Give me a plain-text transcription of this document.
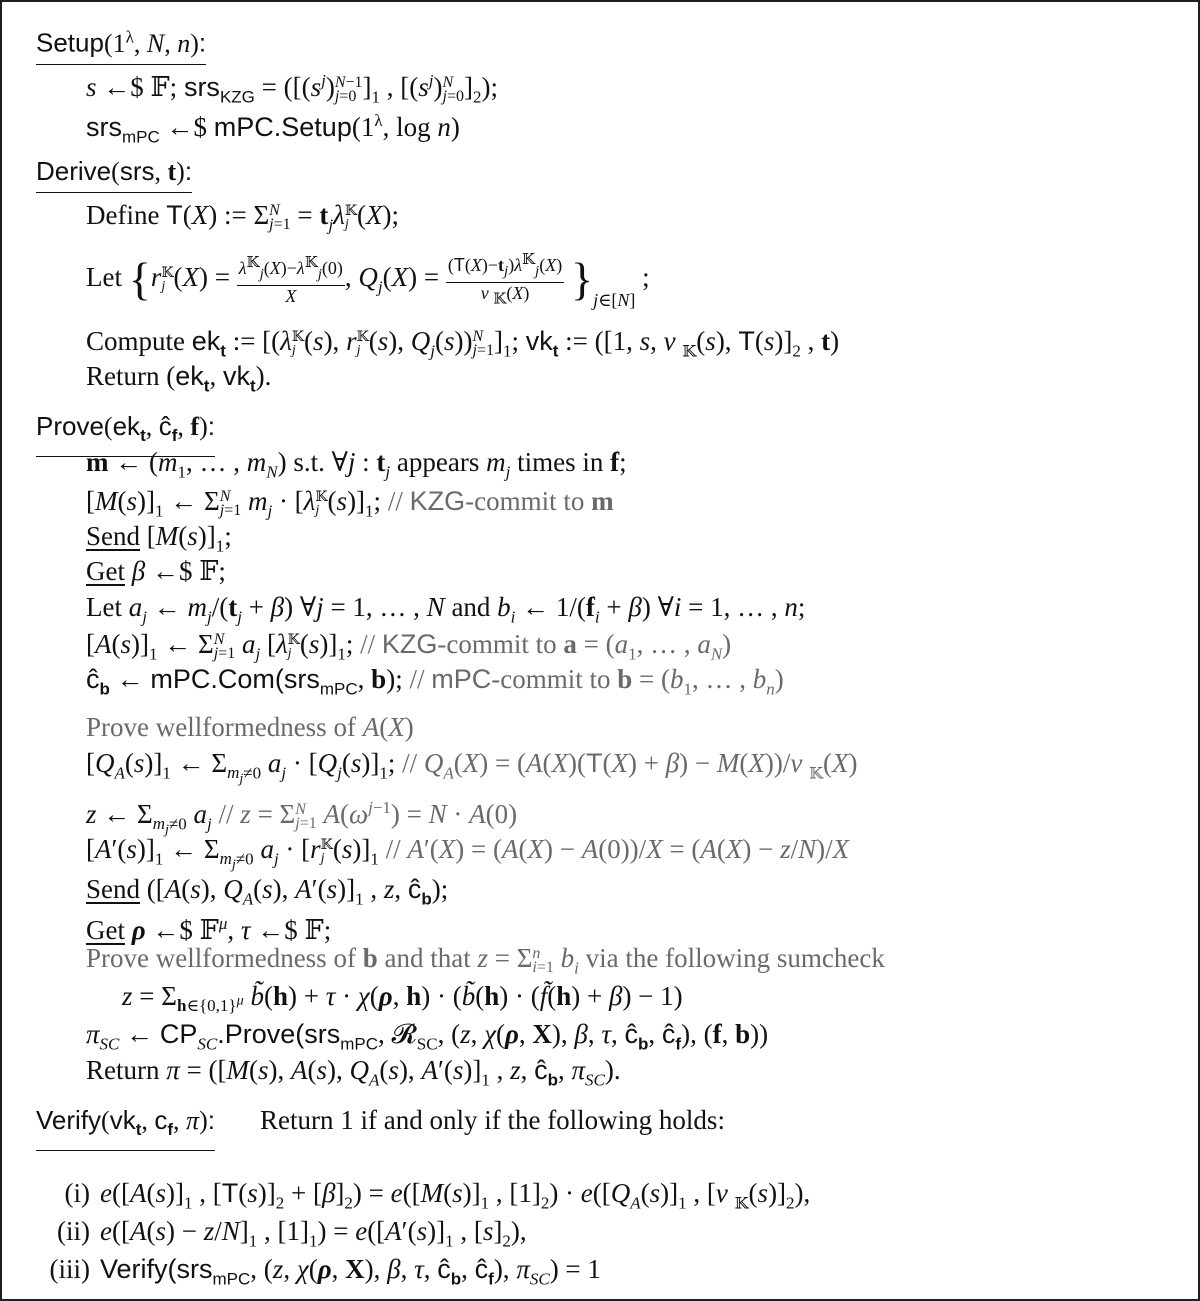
$Setup(1^\lambda$, N, n):
s ←$ 𝔽; $srs_{KZG} = ([(s^j)N-1$
j=0 ]$_1$ , [$(s^j)N$
$j=0]_2$);
srs$_{mPC}$ ←$ $mPC.Setup(1^\lambda$, log n)
Derive(srs, t):
Define T(X) := ΣN
$j=1 = t_j\lambda 𝕂$
j (X);
Let {r𝕂
j $(X) = \lambda^𝕂_j(X)-\lambda^𝕂_j(0)$
X
, $Q_j(X) = (T(X)-t_j)\lambda^𝕂_j(X)$
ν $_𝕂$(X) }$_{j\in[N]}$ ;
Compute $ek_t$ := [(λ𝕂
j (s), r𝕂
j (s), $Q_j(s))N$
$j=1]_1$; $vk_t$ := ([1, s, ν $_𝕂$(s), $T(s)]_2$ , t)
Return ($ek_t$, $vk_t$).
$Prove(ek_t$, $ĉ_f$, f):
m ← ($m_1$, … , $m_N$) s.t. ∀j : $t_j$ appears $m_j$ times in f;
$[M(s)]_1$ ← ΣN
j=1 $m_j$ · [λ𝕂
j $(s)]_1$; // KZG-commit to m
Send $[M(s)]_1$;
Get β ←$ 𝔽;
Let $a_j$ ← $m_j/(t_j + \beta)$ ∀j = 1, … , N and $b_i$ ← $1/(f_i + \beta)$ ∀i = 1, … , n;
$[A(s)]_1$ ← ΣN
j=1 $a_j$ [λ𝕂
j $(s)]_1$; // KZG-commit to $a = (a_1$, … , $a_N$)
$ĉ_b$ ← mPC.Com(srs$_{mPC}$, b); // mPC-commit to $b = (b_1$, … , $b_n$)
Prove wellformedness of A(X)
$[Q_A(s)]_1$ ← $\Sigma_{m_j\ne 0}$ $a_j \cdot [Q_j(s)]_1$; // $Q_A(X) = (A(X)(T(X) + \beta) - M(X))/\nu$ $_𝕂$(X)
z ← $\Sigma_{m_j\ne 0}$ $a_j // z = \Sigma N$
j=1 $A(\omega^{j-1}) = N \cdot A(0)$
$[A'(s)]_1$ ← $\Sigma_{m_j\ne 0}$ $a_j$ · [r𝕂
j $(s)]_1 // A'(X) = (A(X) - A(0))/X = (A(X) - z/N)/X$
Send ([A(s), $Q_A(s)$, $A'(s)]_1$ , z, $ĉ_b$);
Get ρ ←$ 𝔽$^\mu$, τ ←$ 𝔽;
Prove wellformedness of b and that z = Σn
i=1 $b_i$ via the following sumcheck
$z = \Sigma_{h\in\{0,1\}^\mu}$ b̃(h) + τ · χ(ρ, h) · (b̃(h) · (f̃(h) + β) − 1)
$\pi_{SC}$ ← $CP_{SC}.Prove(srs_{mPC}$, 𝓡$_{SC}$, (z, χ(ρ, X), β, τ, $ĉ_b$, $ĉ_f$), (f, b))
Return π = ([M(s), A(s), $Q_A(s)$, $A'(s)]_1$ , z, $ĉ_b$, $\pi_{SC}$).
$Verify(vk_t$, $c_f$, π): Return 1 if and only if the following holds:
(i) $e([A(s)]_1$ , $[T(s)]_2 + [\beta]_2) = e([M(s)]_1$ , $[1]_2) \cdot e([Q_A(s)]_1$ , [ν $_𝕂(s)]_2$),
(ii) $e([A(s) - z/N]_1$ , $[1]_1) = e([A'(s)]_1$ , $[s]_2$),
(iii) Verify(srs$_{mPC}$, (z, χ(ρ, X), β, τ, $ĉ_b$, $ĉ_f$), $\pi_{SC}) = 1$
